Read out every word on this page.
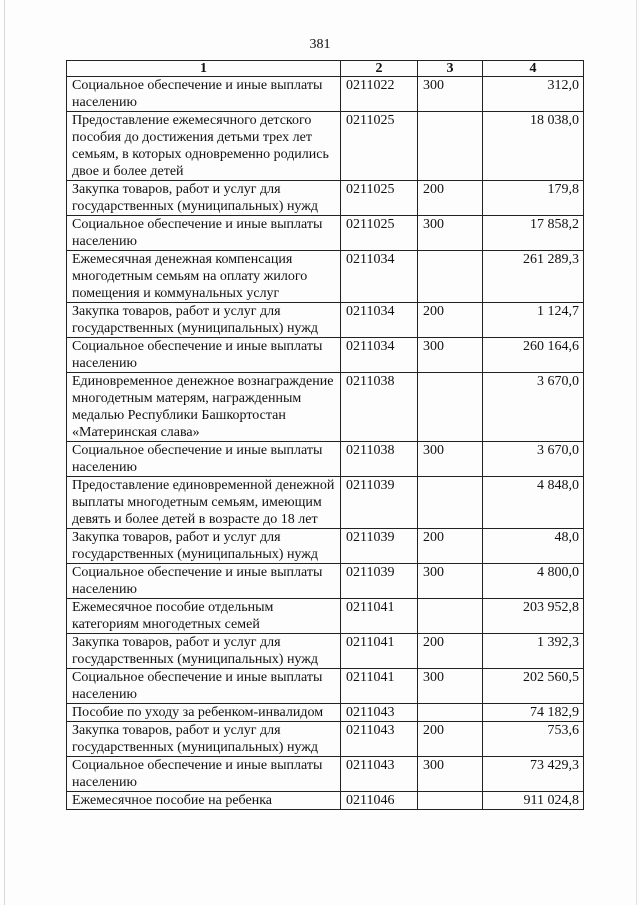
381
1	2	3	4
Социальное обеспечение и иные выплаты населению	0211022	300	312,0
Предоставление ежемесячного детского пособия до достижения детьми трех лет семьям, в которых одновременно родились двое и более детей	0211025		18 038,0
Закупка товаров, работ и услуг для государственных (муниципальных) нужд	0211025	200	179,8
Социальное обеспечение и иные выплаты населению	0211025	300	17 858,2
Ежемесячная денежная компенсация многодетным семьям на оплату жилого помещения и коммунальных услуг	0211034		261 289,3
Закупка товаров, работ и услуг для государственных (муниципальных) нужд	0211034	200	1 124,7
Социальное обеспечение и иные выплаты населению	0211034	300	260 164,6
Единовременное денежное вознаграждение многодетным матерям, награжденным медалью Республики Башкортостан «Материнская слава»	0211038		3 670,0
Социальное обеспечение и иные выплаты населению	0211038	300	3 670,0
Предоставление единовременной денежной выплаты многодетным семьям, имеющим девять и более детей в возрасте до 18 лет	0211039		4 848,0
Закупка товаров, работ и услуг для государственных (муниципальных) нужд	0211039	200	48,0
Социальное обеспечение и иные выплаты населению	0211039	300	4 800,0
Ежемесячное пособие отдельным категориям многодетных семей	0211041		203 952,8
Закупка товаров, работ и услуг для государственных (муниципальных) нужд	0211041	200	1 392,3
Социальное обеспечение и иные выплаты населению	0211041	300	202 560,5
Пособие по уходу за ребенком-инвалидом	0211043		74 182,9
Закупка товаров, работ и услуг для государственных (муниципальных) нужд	0211043	200	753,6
Социальное обеспечение и иные выплаты населению	0211043	300	73 429,3
Ежемесячное пособие на ребенка	0211046		911 024,8
